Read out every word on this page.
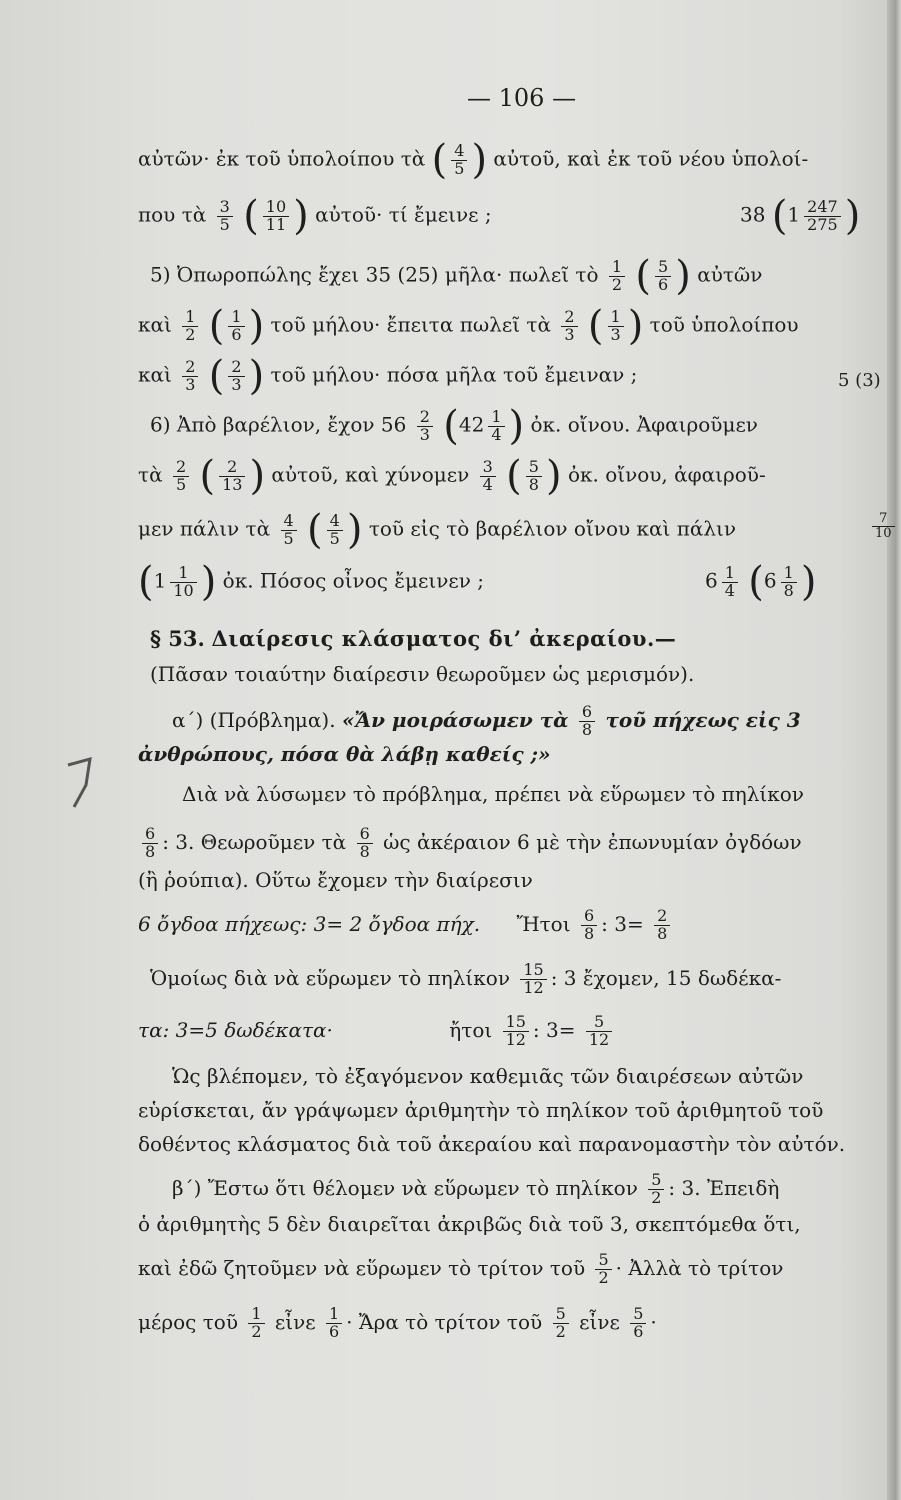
— 106 —
αὐτῶν· ἐκ τοῦ ὑπολοίπου τὰ ( $\frac{4}{5}$ ) αὐτοῦ, καὶ ἐκ τοῦ νέου ὑπολοί-
που τὰ $\frac{3}{5}$ ( $\frac{10}{11}$ ) αὐτοῦ· τί ἔμεινε ;	38 ($1 \frac{247}{275}$ )
5) Ὀπωροπώλης ἔχει 35 (25) μῆλα· πωλεῖ τὸ $\frac{1}{2}$ ( $\frac{5}{6}$ ) αὐτῶν
καὶ $\frac{1}{2}$ ( $\frac{1}{6}$ ) τοῦ μήλου· ἔπειτα πωλεῖ τὰ $\frac{2}{3}$ ( $\frac{1}{3}$ ) τοῦ ὑπολοίπου
καὶ $\frac{2}{3}$ ( $\frac{2}{3}$ ) τοῦ μήλου· πόσα μῆλα τοῦ ἔμειναν ;	5 (3)
6) Ἀπὸ βαρέλιον, ἔχον $56 \frac{2}{3} (42 \frac{1}{4}$ ) ὀκ. οἴνου. Ἀφαιροῦμεν
τὰ $\frac{2}{5}$ ( $\frac{2}{13}$ ) αὐτοῦ, καὶ χύνομεν $\frac{3}{4}$ ( $\frac{5}{8}$ ) ὀκ. οἴνου, ἀφαιροῦ-
μεν πάλιν τὰ $\frac{4}{5}$ ( $\frac{4}{5}$ ) τοῦ εἰς τὸ βαρέλιον οἴνου καὶ πάλιν	$\frac{7}{10}$
($1 \frac{1}{10}$ ) ὀκ. Πόσος οἶνος ἔμεινεν ;	$6 \frac{1}{4} (6 \frac{1}{8}$ )
§ 53. Διαίρεσις κλάσματος δι’ ἀκεραίου.—
(Πᾶσαν τοιαύτην διαίρεσιν θεωροῦμεν ὡς μερισμόν).
α΄) (Πρόβλημα). «Ἄν μοιράσωμεν τὰ $\frac{6}{8}$ τοῦ πήχεως εἰς 3
ἀνθρώπους, πόσα θὰ λάβῃ καθείς ;»
Διὰ νὰ λύσωμεν τὸ πρόβλημα, πρέπει νὰ εὕρωμεν τὸ πηλίκον
$\frac{6}{8}$ : 3. Θεωροῦμεν τὰ $\frac{6}{8}$ ὡς ἀκέραιον 6 μὲ τὴν ἐπωνυμίαν ὀγδόων
(ἢ ῥούπια). Οὕτω ἔχομεν τὴν διαίρεσιν
6 ὄγδοα πήχεως: 3= 2 ὄγδοα πήχ. Ἤτοι $\frac{6}{8}$ : $3= \frac{2}{8}$
Ὁμοίως διὰ νὰ εὕρωμεν τὸ πηλίκον $\frac{15}{12}$ : 3 ἔχομεν, 15 δωδέκα-
τα: 3=5 δωδέκατα·	ἤτοι $\frac{15}{12}$ : $3= \frac{5}{12}$
Ὡς βλέπομεν, τὸ ἐξαγόμενον καθεμιᾶς τῶν διαιρέσεων αὐτῶν
εὑρίσκεται, ἄν γράψωμεν ἀριθμητὴν τὸ πηλίκον τοῦ ἀριθμητοῦ τοῦ
δοθέντος κλάσματος διὰ τοῦ ἀκεραίου καὶ παρανομαστὴν τὸν αὐτόν.
β΄) Ἔστω ὅτι θέλομεν νὰ εὕρωμεν τὸ πηλίκον $\frac{5}{2}$ : 3. Ἐπειδὴ
ὁ ἀριθμητὴς 5 δὲν διαιρεῖται ἀκριβῶς διὰ τοῦ 3, σκεπτόμεθα ὅτι,
καὶ ἐδῶ ζητοῦμεν νὰ εὕρωμεν τὸ τρίτον τοῦ $\frac{5}{2}$ · Ἀλλὰ τὸ τρίτον
μέρος τοῦ $\frac{1}{2}$ εἶνε $\frac{1}{6}$ · Ἄρα τὸ τρίτον τοῦ $\frac{5}{2}$ εἶνε $\frac{5}{6}$ ·
